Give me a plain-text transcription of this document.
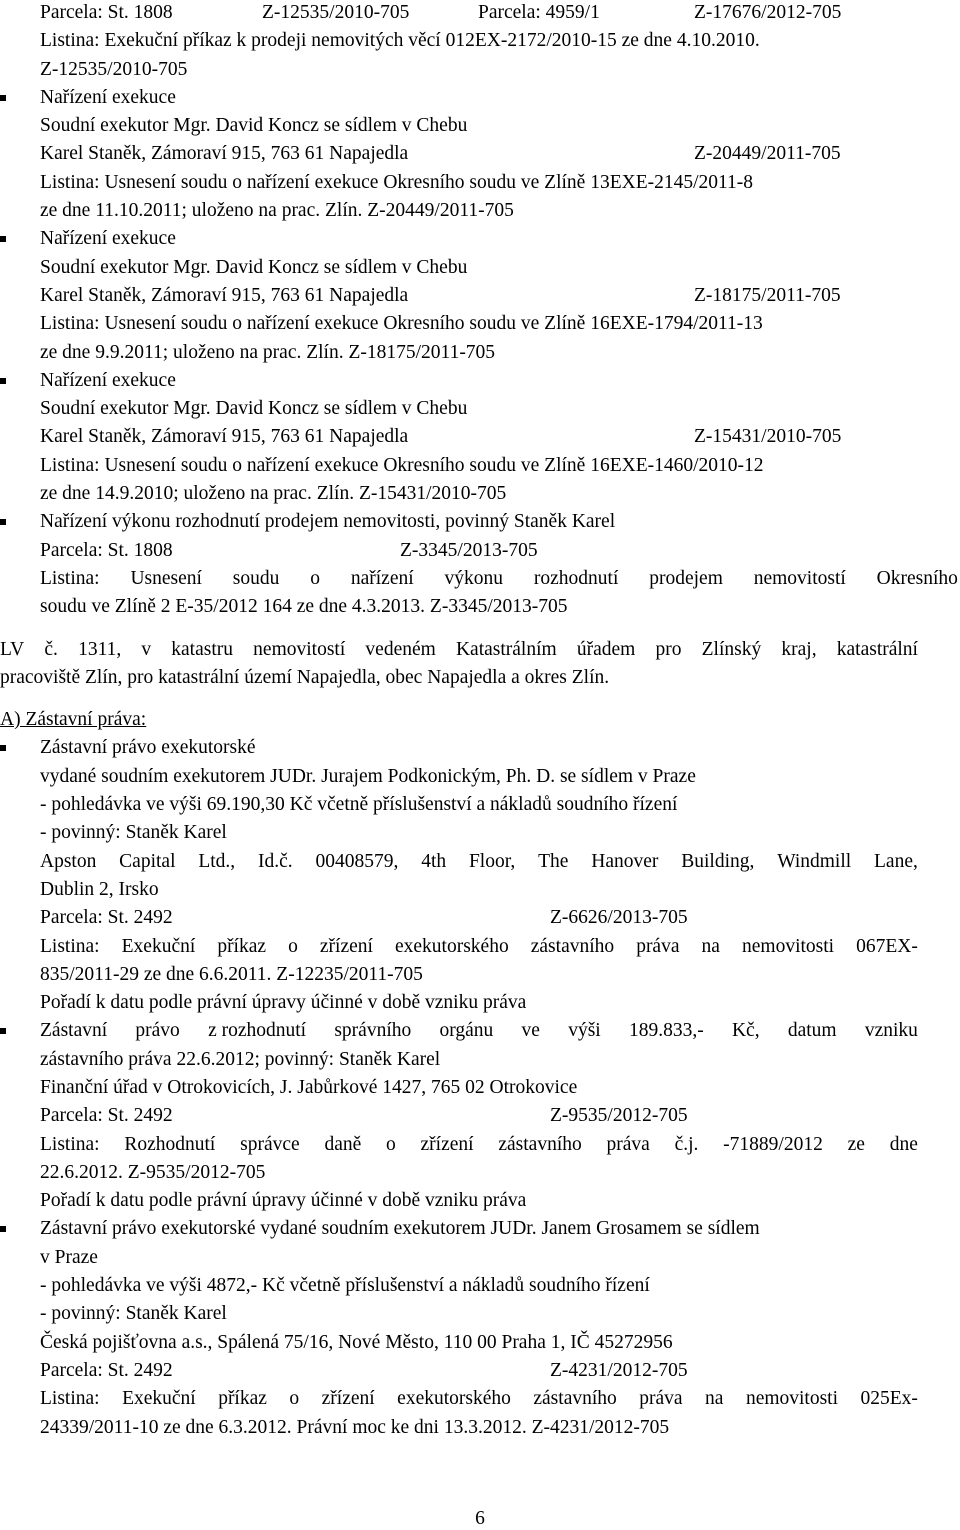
Parcela: St. 1808	Z-12535/2010-705	Parcela: 4959/1	Z-17676/2012-705
Listina: Exekuční příkaz k prodeji nemovitých věcí 012EX-2172/2010-15 ze dne 4.10.2010.
Z-12535/2010-705
Nařízení exekuce
Soudní exekutor Mgr. David Koncz se sídlem v Chebu
Karel Staněk, Zámoraví 915, 763 61 Napajedla	Z-20449/2011-705
Listina: Usnesení soudu o nařízení exekuce Okresního soudu ve Zlíně 13EXE-2145/2011-8
ze dne 11.10.2011; uloženo na prac. Zlín. Z-20449/2011-705
Nařízení exekuce
Soudní exekutor Mgr. David Koncz se sídlem v Chebu
Karel Staněk, Zámoraví 915, 763 61 Napajedla	Z-18175/2011-705
Listina: Usnesení soudu o nařízení exekuce Okresního soudu ve Zlíně 16EXE-1794/2011-13
ze dne 9.9.2011; uloženo na prac. Zlín. Z-18175/2011-705
Nařízení exekuce
Soudní exekutor Mgr. David Koncz se sídlem v Chebu
Karel Staněk, Zámoraví 915, 763 61 Napajedla	Z-15431/2010-705
Listina: Usnesení soudu o nařízení exekuce Okresního soudu ve Zlíně 16EXE-1460/2010-12
ze dne 14.9.2010; uloženo na prac. Zlín. Z-15431/2010-705
Nařízení výkonu rozhodnutí prodejem nemovitosti, povinný Staněk Karel
Parcela: St. 1808	Z-3345/2013-705
Listina: Usnesení soudu o nařízení výkonu rozhodnutí prodejem nemovitostí Okresního
soudu ve Zlíně 2 E-35/2012 164 ze dne 4.3.2013. Z-3345/2013-705
LV č. 1311, v katastru nemovitostí vedeném Katastrálním úřadem pro Zlínský kraj, katastrální
pracoviště Zlín, pro katastrální území Napajedla, obec Napajedla a okres Zlín.
A) Zástavní práva:
Zástavní právo exekutorské
vydané soudním exekutorem JUDr. Jurajem Podkonickým, Ph. D. se sídlem v Praze
- pohledávka ve výši 69.190,30 Kč včetně příslušenství a nákladů soudního řízení
- povinný: Staněk Karel
Apston Capital Ltd., Id.č. 00408579, 4th Floor, The Hanover Building, Windmill Lane,
Dublin 2, Irsko
Parcela: St. 2492	Z-6626/2013-705
Listina: Exekuční příkaz o zřízení exekutorského zástavního práva na nemovitosti 067EX-
835/2011-29 ze dne 6.6.2011. Z-12235/2011-705
Pořadí k datu podle právní úpravy účinné v době vzniku práva
Zástavní právo z rozhodnutí správního orgánu ve výši 189.833,- Kč, datum vzniku
zástavního práva 22.6.2012; povinný: Staněk Karel
Finanční úřad v Otrokovicích, J. Jabůrkové 1427, 765 02 Otrokovice
Parcela: St. 2492	Z-9535/2012-705
Listina: Rozhodnutí správce daně o zřízení zástavního práva č.j. -71889/2012 ze dne
22.6.2012. Z-9535/2012-705
Pořadí k datu podle právní úpravy účinné v době vzniku práva
Zástavní právo exekutorské vydané soudním exekutorem JUDr. Janem Grosamem se sídlem
v Praze
- pohledávka ve výši 4872,- Kč včetně příslušenství a nákladů soudního řízení
- povinný: Staněk Karel
Česká pojišťovna a.s., Spálená 75/16, Nové Město, 110 00 Praha 1, IČ 45272956
Parcela: St. 2492	Z-4231/2012-705
Listina: Exekuční příkaz o zřízení exekutorského zástavního práva na nemovitosti 025Ex-
24339/2011-10 ze dne 6.3.2012. Právní moc ke dni 13.3.2012. Z-4231/2012-705
6
